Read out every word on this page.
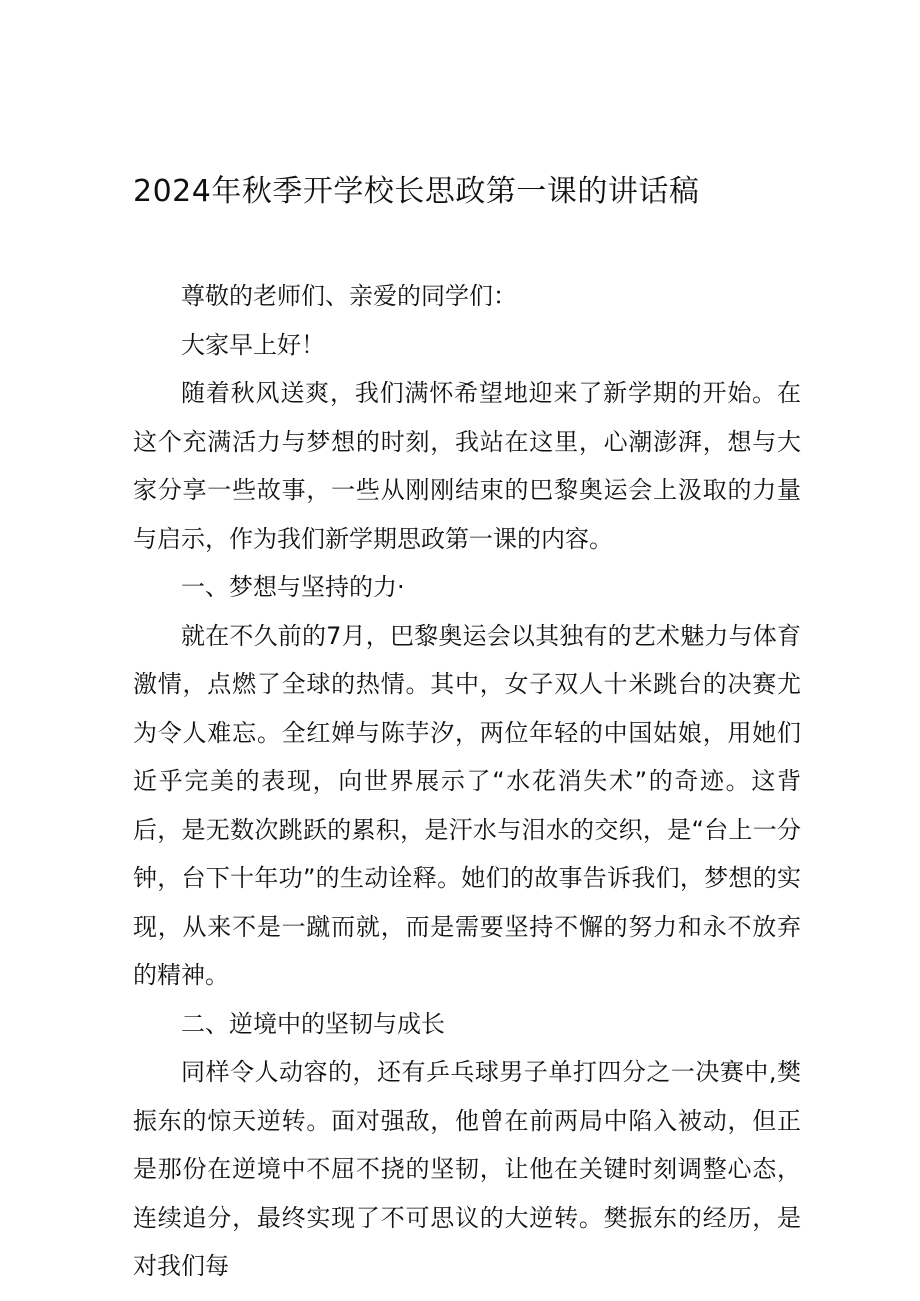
2024年秋季开学校长思政第一课的讲话稿

尊敬的老师们、亲爱的同学们：

大家早上好！

随着秋风送爽，我们满怀希望地迎来了新学期的开始。在这个充满活力与梦想的时刻，我站在这里，心潮澎湃，想与大家分享一些故事，一些从刚刚结束的巴黎奥运会上汲取的力量与启示，作为我们新学期思政第一课的内容。

一、梦想与坚持的力·

就在不久前的7月，巴黎奥运会以其独有的艺术魅力与体育激情，点燃了全球的热情。其中，女子双人十米跳台的决赛尤为令人难忘。全红婵与陈芋汐，两位年轻的中国姑娘，用她们近乎完美的表现，向世界展示了“水花消失术”的奇迹。这背后，是无数次跳跃的累积，是汗水与泪水的交织，是“台上一分钟，台下十年功”的生动诠释。她们的故事告诉我们，梦想的实现，从来不是一蹴而就，而是需要坚持不懈的努力和永不放弃的精神。

二、逆境中的坚韧与成长

同样令人动容的，还有乒乓球男子单打四分之一决赛中,樊振东的惊天逆转。面对强敌，他曾在前两局中陷入被动，但正是那份在逆境中不屈不挠的坚韧，让他在关键时刻调整心态，连续追分，最终实现了不可思议的大逆转。樊振东的经历，是对我们每
